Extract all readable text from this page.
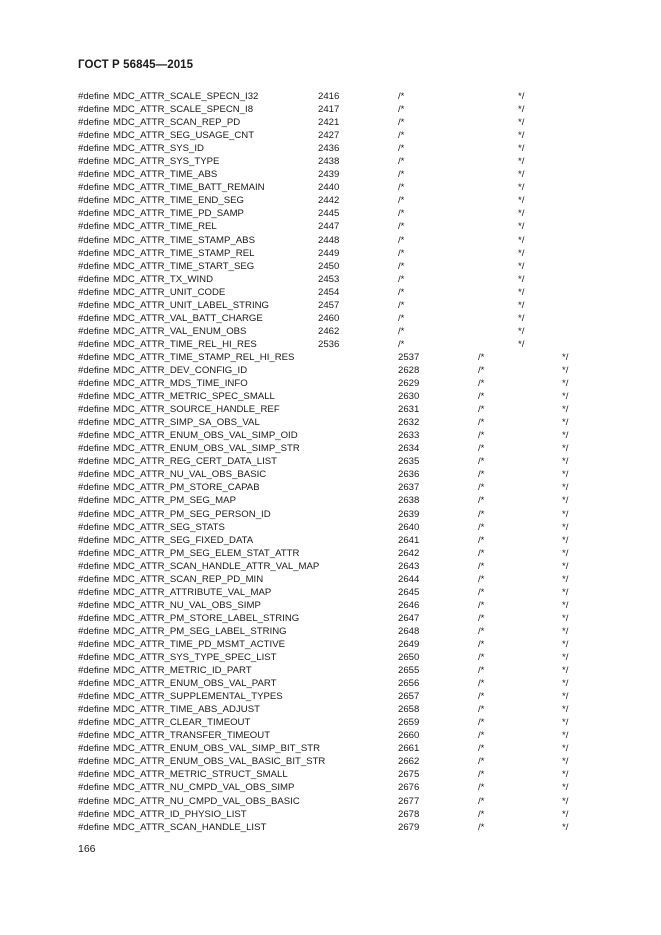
ГОСТ Р 56845—2015
#define MDC_ATTR_SCALE_SPECN_I32	2416	/*	*/
#define MDC_ATTR_SCALE_SPECN_I8	2417	/*	*/
#define MDC_ATTR_SCAN_REP_PD	2421	/*	*/
#define MDC_ATTR_SEG_USAGE_CNT	2427	/*	*/
#define MDC_ATTR_SYS_ID	2436	/*	*/
#define MDC_ATTR_SYS_TYPE	2438	/*	*/
#define MDC_ATTR_TIME_ABS	2439	/*	*/
#define MDC_ATTR_TIME_BATT_REMAIN	2440	/*	*/
#define MDC_ATTR_TIME_END_SEG	2442	/*	*/
#define MDC_ATTR_TIME_PD_SAMP	2445	/*	*/
#define MDC_ATTR_TIME_REL	2447	/*	*/
#define MDC_ATTR_TIME_STAMP_ABS	2448	/*	*/
#define MDC_ATTR_TIME_STAMP_REL	2449	/*	*/
#define MDC_ATTR_TIME_START_SEG	2450	/*	*/
#define MDC_ATTR_TX_WIND	2453	/*	*/
#define MDC_ATTR_UNIT_CODE	2454	/*	*/
#define MDC_ATTR_UNIT_LABEL_STRING	2457	/*	*/
#define MDC_ATTR_VAL_BATT_CHARGE	2460	/*	*/
#define MDC_ATTR_VAL_ENUM_OBS	2462	/*	*/
#define MDC_ATTR_TIME_REL_HI_RES	2536	/*	*/
#define MDC_ATTR_TIME_STAMP_REL_HI_RES	2537	/*	*/
#define MDC_ATTR_DEV_CONFIG_ID	2628	/*	*/
#define MDC_ATTR_MDS_TIME_INFO	2629	/*	*/
#define MDC_ATTR_METRIC_SPEC_SMALL	2630	/*	*/
#define MDC_ATTR_SOURCE_HANDLE_REF	2631	/*	*/
#define MDC_ATTR_SIMP_SA_OBS_VAL	2632	/*	*/
#define MDC_ATTR_ENUM_OBS_VAL_SIMP_OID	2633	/*	*/
#define MDC_ATTR_ENUM_OBS_VAL_SIMP_STR	2634	/*	*/
#define MDC_ATTR_REG_CERT_DATA_LIST	2635	/*	*/
#define MDC_ATTR_NU_VAL_OBS_BASIC	2636	/*	*/
#define MDC_ATTR_PM_STORE_CAPAB	2637	/*	*/
#define MDC_ATTR_PM_SEG_MAP	2638	/*	*/
#define MDC_ATTR_PM_SEG_PERSON_ID	2639	/*	*/
#define MDC_ATTR_SEG_STATS	2640	/*	*/
#define MDC_ATTR_SEG_FIXED_DATA	2641	/*	*/
#define MDC_ATTR_PM_SEG_ELEM_STAT_ATTR	2642	/*	*/
#define MDC_ATTR_SCAN_HANDLE_ATTR_VAL_MAP	2643	/*	*/
#define MDC_ATTR_SCAN_REP_PD_MIN	2644	/*	*/
#define MDC_ATTR_ATTRIBUTE_VAL_MAP	2645	/*	*/
#define MDC_ATTR_NU_VAL_OBS_SIMP	2646	/*	*/
#define MDC_ATTR_PM_STORE_LABEL_STRING	2647	/*	*/
#define MDC_ATTR_PM_SEG_LABEL_STRING	2648	/*	*/
#define MDC_ATTR_TIME_PD_MSMT_ACTIVE	2649	/*	*/
#define MDC_ATTR_SYS_TYPE_SPEC_LIST	2650	/*	*/
#define MDC_ATTR_METRIC_ID_PART	2655	/*	*/
#define MDC_ATTR_ENUM_OBS_VAL_PART	2656	/*	*/
#define MDC_ATTR_SUPPLEMENTAL_TYPES	2657	/*	*/
#define MDC_ATTR_TIME_ABS_ADJUST	2658	/*	*/
#define MDC_ATTR_CLEAR_TIMEOUT	2659	/*	*/
#define MDC_ATTR_TRANSFER_TIMEOUT	2660	/*	*/
#define MDC_ATTR_ENUM_OBS_VAL_SIMP_BIT_STR	2661	/*	*/
#define MDC_ATTR_ENUM_OBS_VAL_BASIC_BIT_STR	2662	/*	*/
#define MDC_ATTR_METRIC_STRUCT_SMALL	2675	/*	*/
#define MDC_ATTR_NU_CMPD_VAL_OBS_SIMP	2676	/*	*/
#define MDC_ATTR_NU_CMPD_VAL_OBS_BASIC	2677	/*	*/
#define MDC_ATTR_ID_PHYSIO_LIST	2678	/*	*/
#define MDC_ATTR_SCAN_HANDLE_LIST	2679	/*	*/
166
